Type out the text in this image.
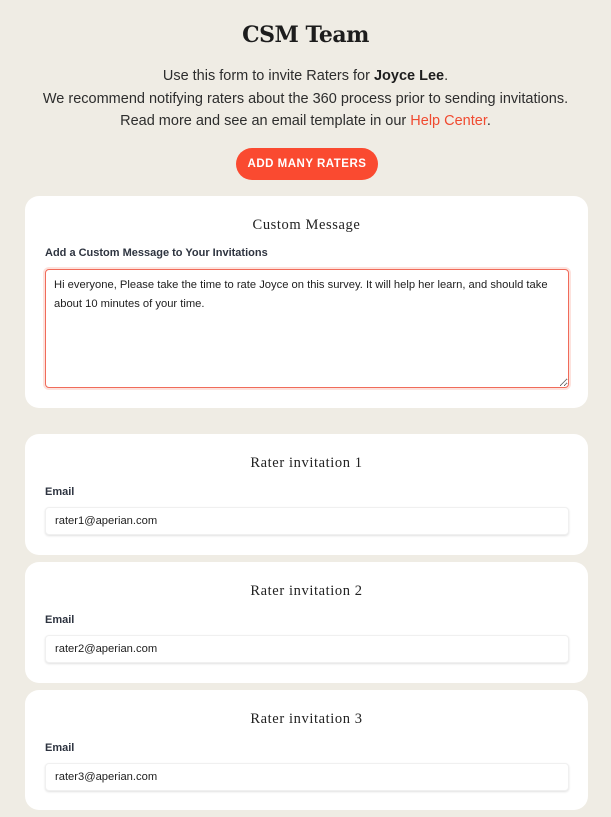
CSM Team
Use this form to invite Raters for Joyce Lee.
We recommend notifying raters about the 360 process prior to sending invitations.
Read more and see an email template in our Help Center.
ADD MANY RATERS
Custom Message
Add a Custom Message to Your Invitations
Hi everyone, Please take the time to rate Joyce on this survey. It will help her learn, and should take about 10 minutes of your time.
Rater invitation 1
Email
rater1@aperian.com
Rater invitation 2
Email
rater2@aperian.com
Rater invitation 3
Email
rater3@aperian.com
